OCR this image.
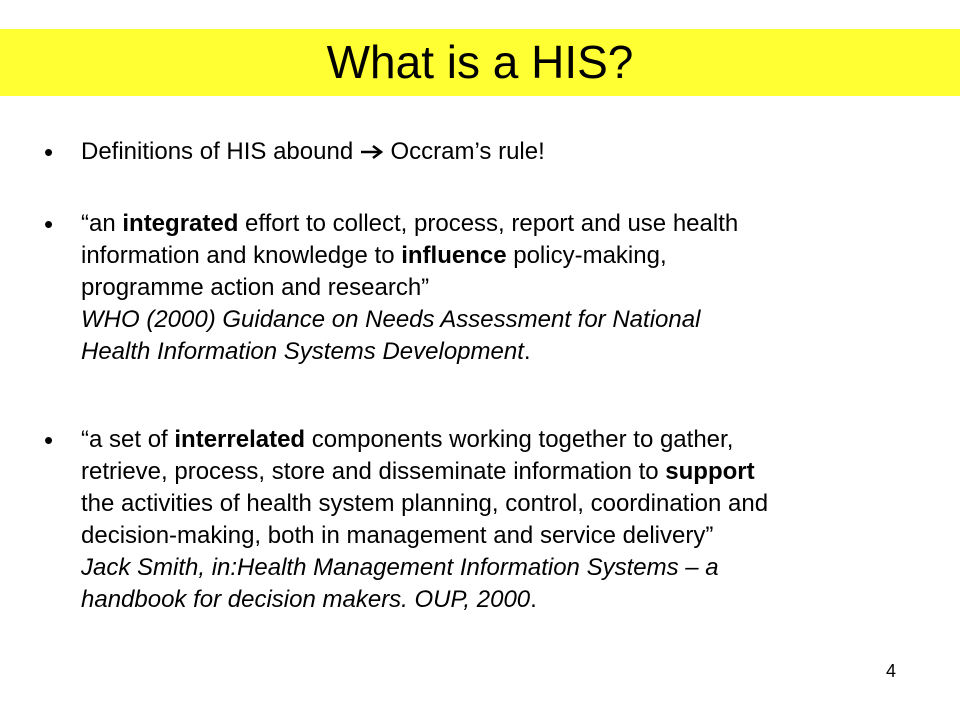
What is a HIS?
• Definitions of HIS abound  Occram’s rule!
• “an integrated effort to collect, process, report and use health
information and knowledge to influence policy-making,
programme action and research”
WHO (2000) Guidance on Needs Assessment for National
Health Information Systems Development.
• “a set of interrelated components working together to gather,
retrieve, process, store and disseminate information to support
the activities of health system planning, control, coordination and
decision-making, both in management and service delivery”
Jack Smith, in:Health Management Information Systems – a
handbook for decision makers. OUP, 2000.
4
